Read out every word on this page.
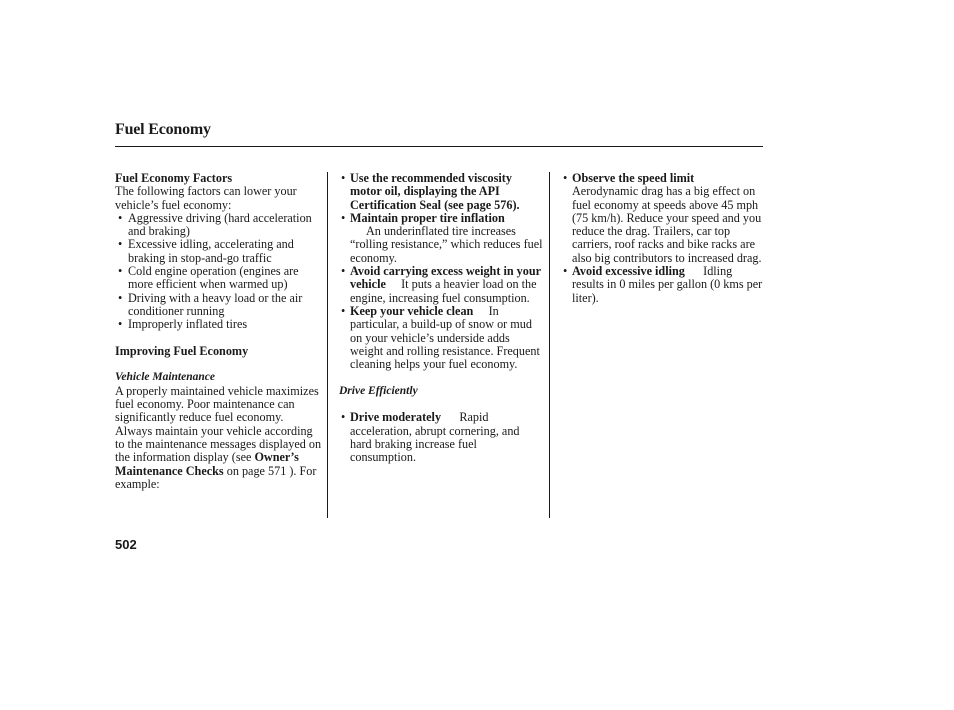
Fuel Economy

Fuel Economy Factors

The following factors can lower your vehicle’s fuel economy:

• Aggressive driving (hard acceleration and braking)
• Excessive idling, accelerating and braking in stop-and-go traffic
• Cold engine operation (engines are more efficient when warmed up)
• Driving with a heavy load or the air conditioner running
• Improperly inflated tires

Improving Fuel Economy

Vehicle Maintenance

A properly maintained vehicle maximizes fuel economy. Poor maintenance can significantly reduce fuel economy. Always maintain your vehicle according to the maintenance messages displayed on the information display (see Owner’s Maintenance Checks on page 571 ). For example:

• Use the recommended viscosity motor oil, displaying the API Certification Seal (see page 576).
• Maintain proper tire inflation
An underinflated tire increases “rolling resistance,” which reduces fuel economy.
• Avoid carrying excess weight in your vehicle It puts a heavier load on the engine, increasing fuel consumption.
• Keep your vehicle clean In particular, a build-up of snow or mud on your vehicle’s underside adds weight and rolling resistance. Frequent cleaning helps your fuel economy.

Drive Efficiently

• Drive moderately Rapid acceleration, abrupt cornering, and hard braking increase fuel consumption.
• Observe the speed limit
Aerodynamic drag has a big effect on fuel economy at speeds above 45 mph (75 km/h). Reduce your speed and you reduce the drag. Trailers, car top carriers, roof racks and bike racks are also big contributors to increased drag.
• Avoid excessive idling Idling results in 0 miles per gallon (0 kms per liter).
502
